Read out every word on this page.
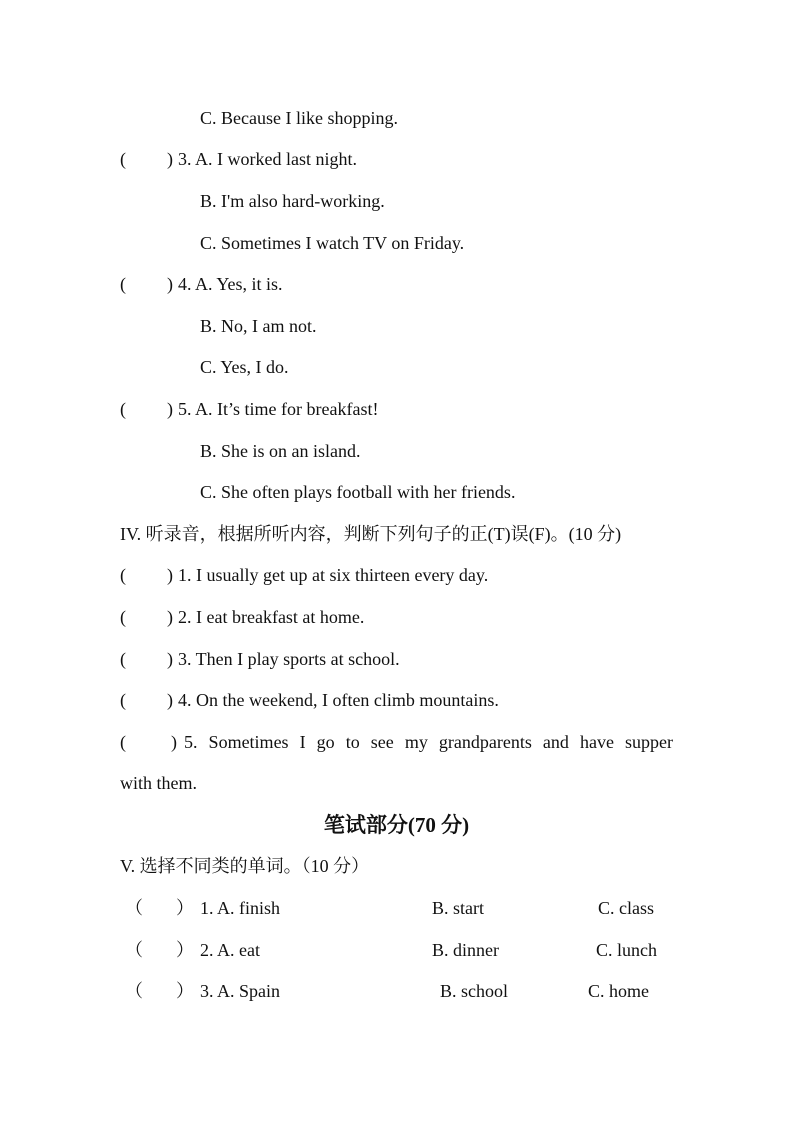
C. Because I like shopping.
( ) 3. A. I worked last night.
B. I'm also hard-working.
C. Sometimes I watch TV on Friday.
( ) 4. A. Yes, it is.
B. No, I am not.
C. Yes, I do.
( ) 5. A. It’s time for breakfast!
B. She is on an island.
C. She often plays football with her friends.
IV. 听录音，根据所听内容，判断下列句子的正(T)误(F)。(10 分)
( ) 1. I usually get up at six thirteen every day.
( ) 2. I eat breakfast at home.
( ) 3. Then I play sports at school.
( ) 4. On the weekend, I often climb mountains.
(	) 5. Sometimes I go to see my grandparents and have supper
with them.
笔试部分(70 分)
V. 选择不同类的单词。（10 分）
（ ） 1. A. finish	B. start	C. class
（ ） 2. A. eat	B. dinner	C. lunch
（ ） 3. A. Spain	B. school	C. home
